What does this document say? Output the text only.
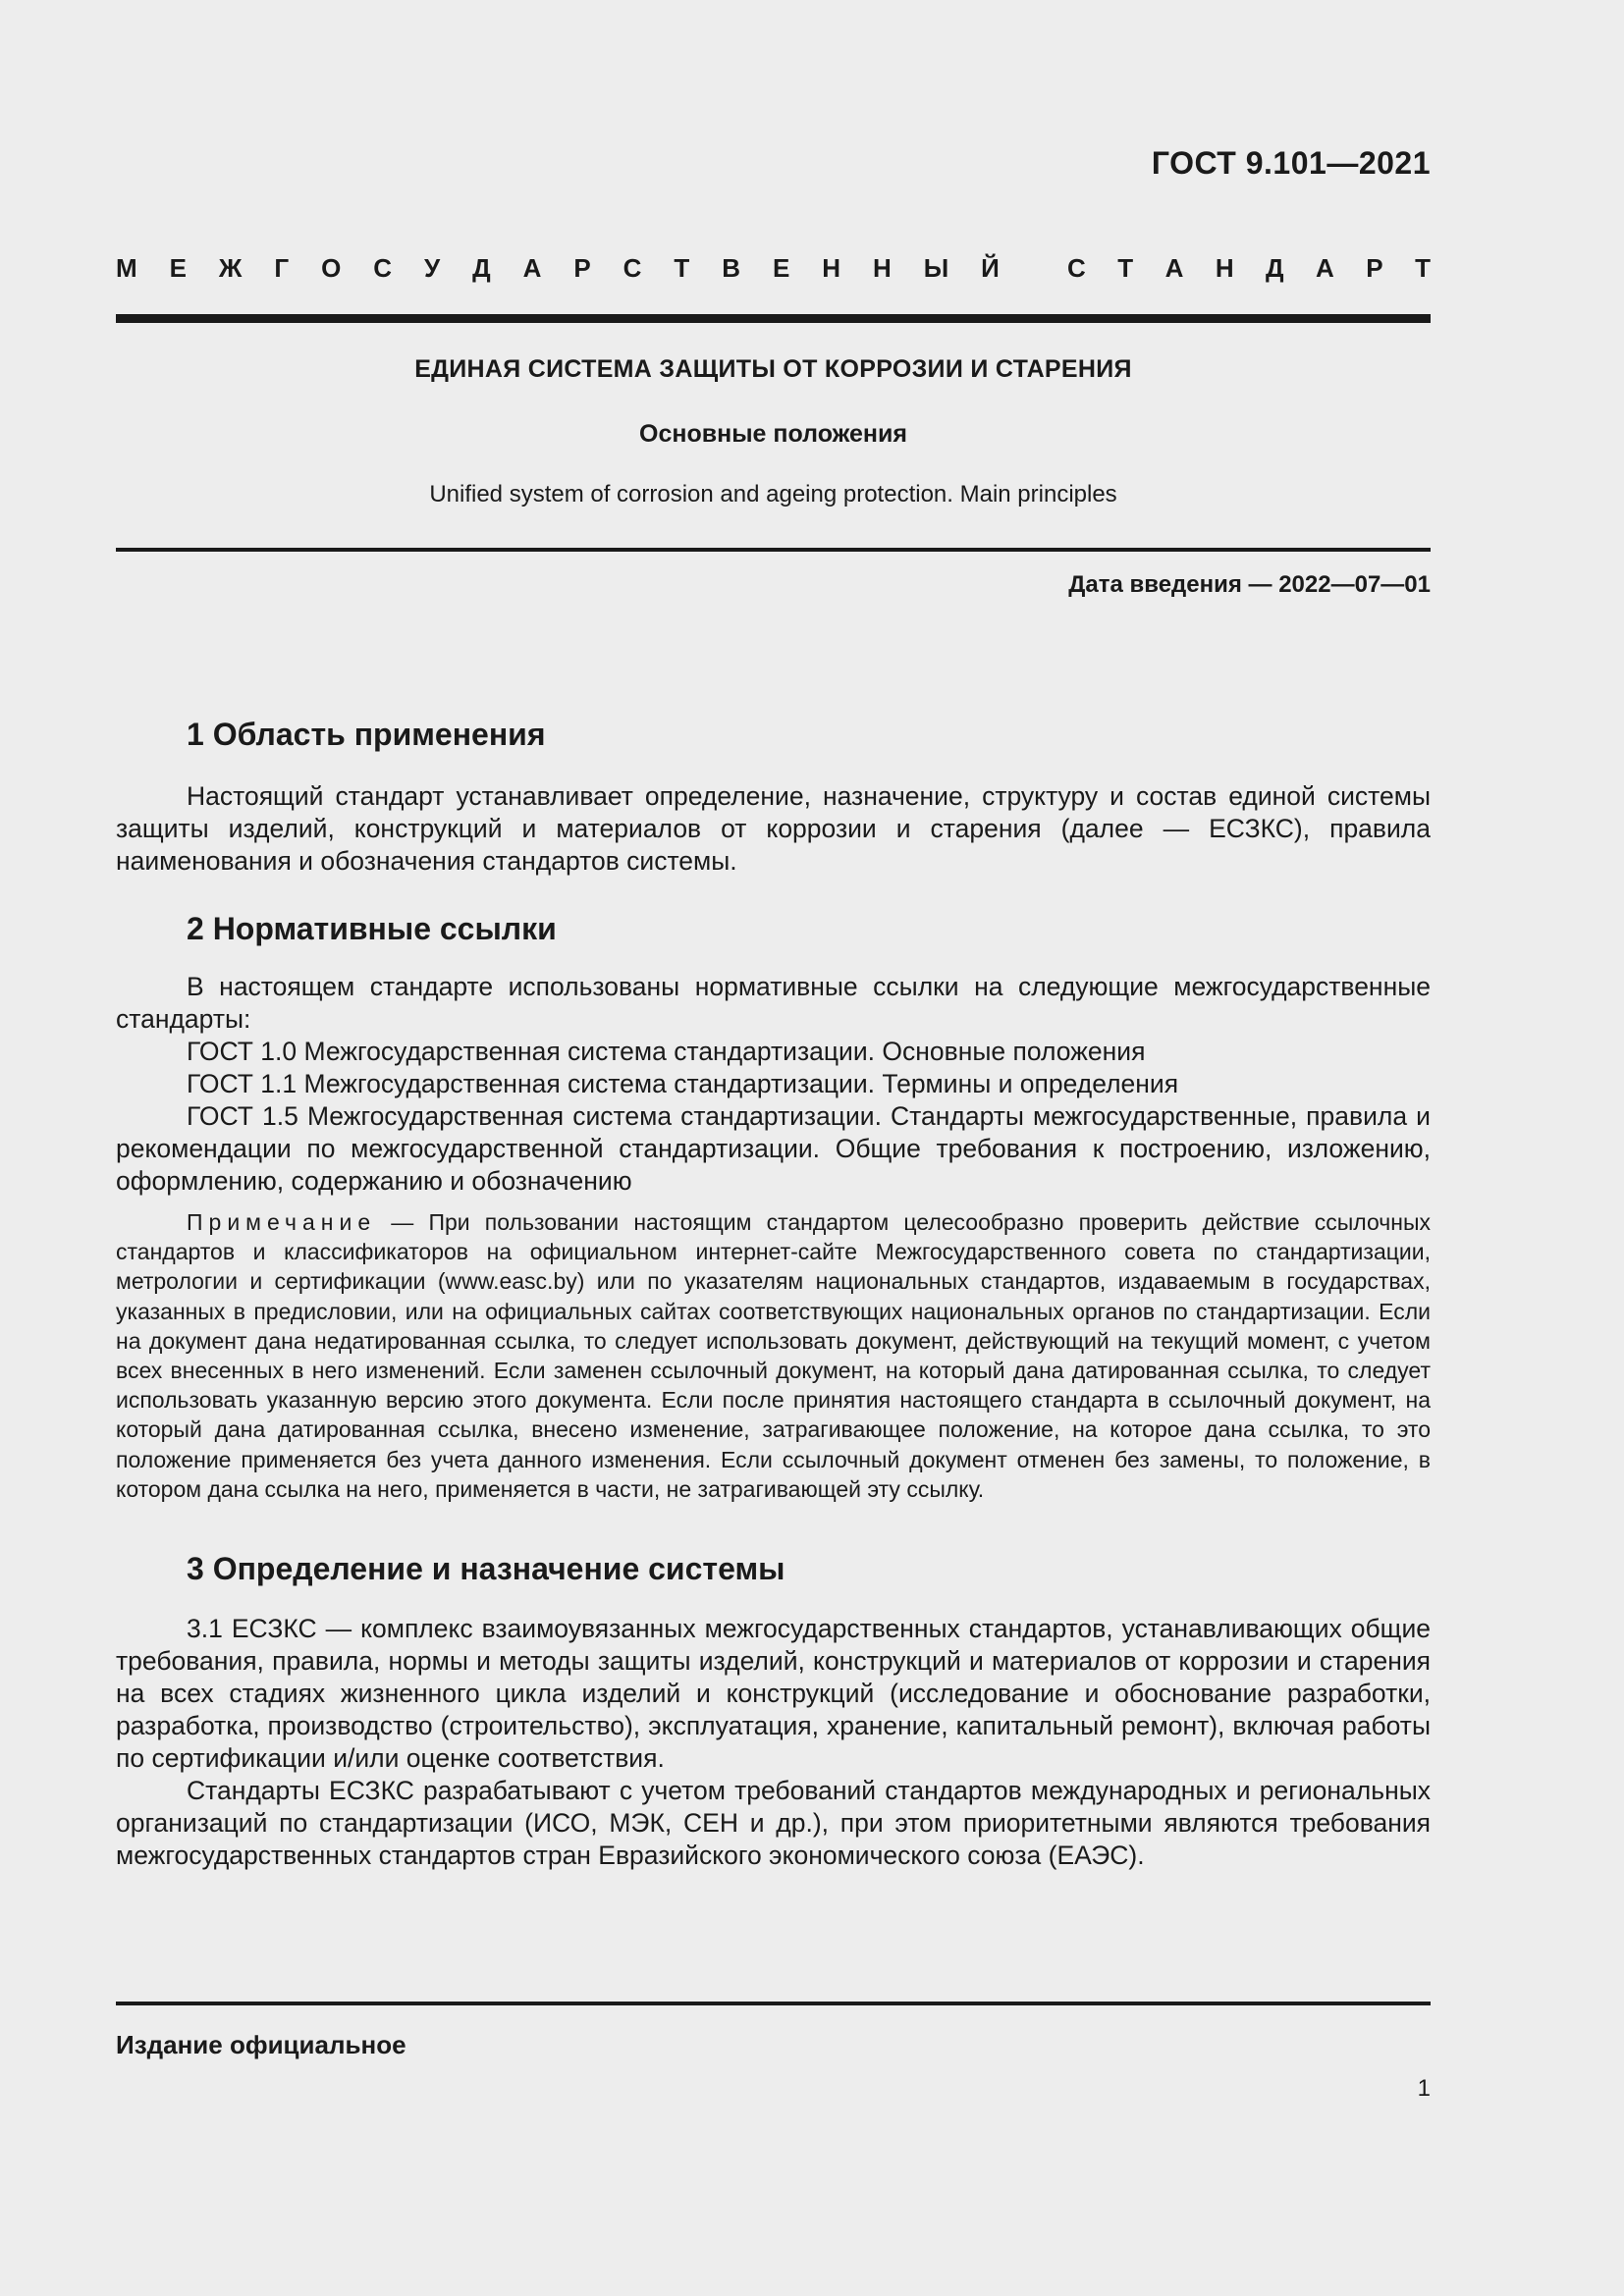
ГОСТ 9.101—2021
М Е Ж Г О С У Д А Р С Т В Е Н Н Ы Й	С Т А Н Д А Р Т
ЕДИНАЯ СИСТЕМА ЗАЩИТЫ ОТ КОРРОЗИИ И СТАРЕНИЯ
Основные положения
Unified system of corrosion and ageing protection. Main principles
Дата введения — 2022—07—01
1 Область применения

Настоящий стандарт устанавливает определение, назначение, структуру и состав единой системы защиты изделий, конструкций и материалов от коррозии и старения (далее — ЕСЗКС), правила наименования и обозначения стандартов системы.

2 Нормативные ссылки

В настоящем стандарте использованы нормативные ссылки на следующие межгосударственные стандарты:

ГОСТ 1.0 Межгосударственная система стандартизации. Основные положения

ГОСТ 1.1 Межгосударственная система стандартизации. Термины и определения

ГОСТ 1.5 Межгосударственная система стандартизации. Стандарты межгосударственные, правила и рекомендации по межгосударственной стандартизации. Общие требования к построению, изложению, оформлению, содержанию и обозначению

Примечание — При пользовании настоящим стандартом целесообразно проверить действие ссылочных стандартов и классификаторов на официальном интернет-сайте Межгосударственного совета по стандартизации, метрологии и сертификации (www.easc.by) или по указателям национальных стандартов, издаваемым в государствах, указанных в предисловии, или на официальных сайтах соответствующих национальных органов по стандартизации. Если на документ дана недатированная ссылка, то следует использовать документ, действующий на текущий момент, с учетом всех внесенных в него изменений. Если заменен ссылочный документ, на который дана датированная ссылка, то следует использовать указанную версию этого документа. Если после принятия настоящего стандарта в ссылочный документ, на который дана датированная ссылка, внесено изменение, затрагивающее положение, на которое дана ссылка, то это положение применяется без учета данного изменения. Если ссылочный документ отменен без замены, то положение, в котором дана ссылка на него, применяется в части, не затрагивающей эту ссылку.

3 Определение и назначение системы

3.1 ЕСЗКС — комплекс взаимоувязанных межгосударственных стандартов, устанавливающих общие требования, правила, нормы и методы защиты изделий, конструкций и материалов от коррозии и старения на всех стадиях жизненного цикла изделий и конструкций (исследование и обоснование разработки, разработка, производство (строительство), эксплуатация, хранение, капитальный ремонт), включая работы по сертификации и/или оценке соответствия.

Стандарты ЕСЗКС разрабатывают с учетом требований стандартов международных и региональных организаций по стандартизации (ИСО, МЭК, СЕН и др.), при этом приоритетными являются требования межгосударственных стандартов стран Евразийского экономического союза (ЕАЭС).

Издание официальное
1
